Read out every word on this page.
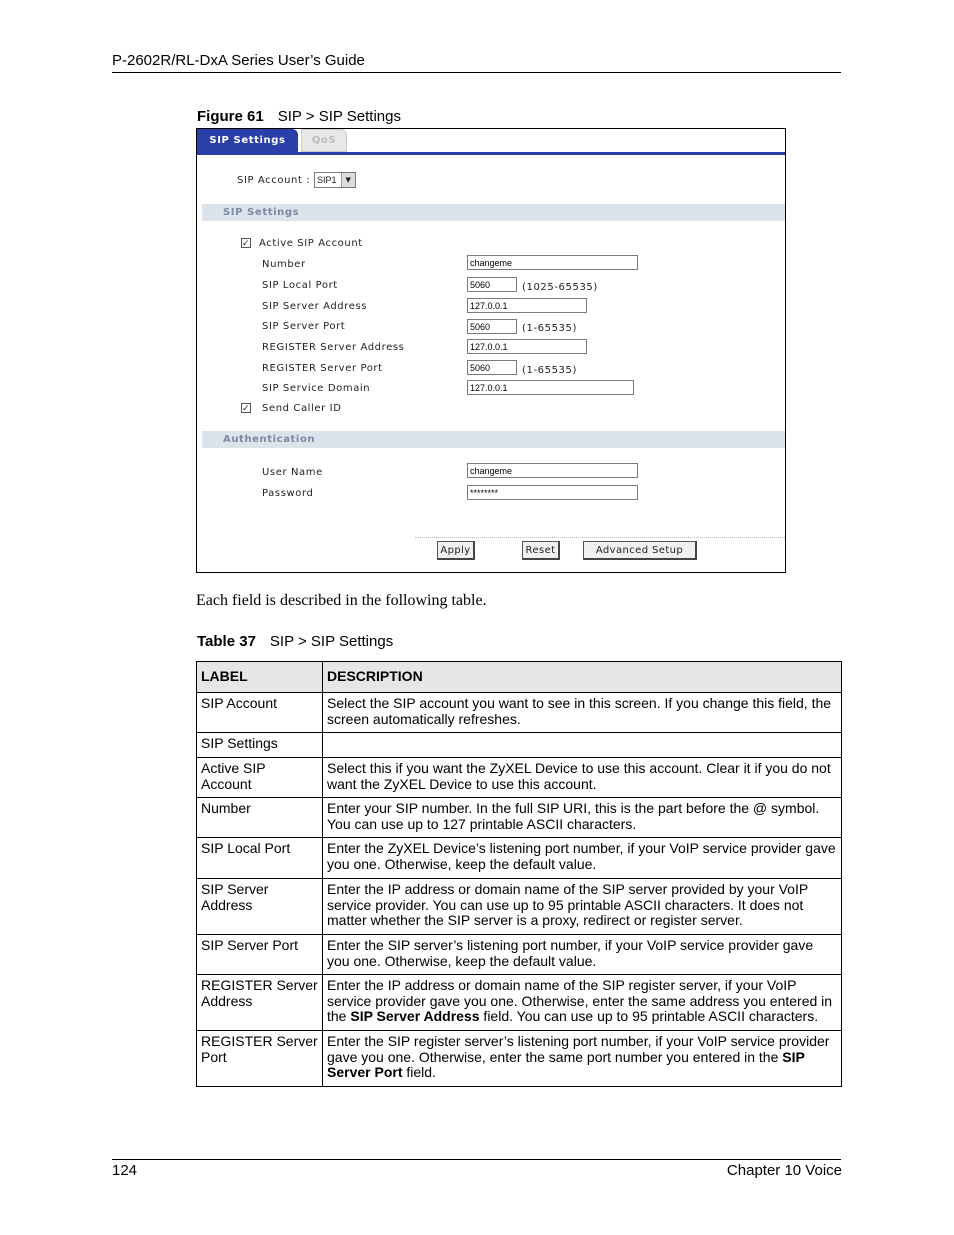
P-2602R/RL-DxA Series User’s Guide
Figure 61 SIP > SIP Settings
SIP Settings	QoS
SIP Account : SIP1	▼
SIP Settings
✓ Active SIP Account
Number	changeme
SIP Local Port	5060	(1025-65535)
SIP Server Address	127.0.0.1
SIP Server Port	5060	(1-65535)
REGISTER Server Address	127.0.0.1
REGISTER Server Port	5060	(1-65535)
SIP Service Domain	127.0.0.1
✓ Send Caller ID
Authentication
User Name	changeme
Password	********
Apply	Reset	Advanced Setup
Each field is described in the following table.
Table 37 SIP > SIP Settings
LABEL	DESCRIPTION
SIP Account	Select the SIP account you want to see in this screen. If you change this field, the screen automatically refreshes.
SIP Settings	
Active SIP Account	Select this if you want the ZyXEL Device to use this account. Clear it if you do not want the ZyXEL Device to use this account.
Number	Enter your SIP number. In the full SIP URI, this is the part before the @ symbol. You can use up to 127 printable ASCII characters.
SIP Local Port	Enter the ZyXEL Device’s listening port number, if your VoIP service provider gave you one. Otherwise, keep the default value.
SIP Server Address	Enter the IP address or domain name of the SIP server provided by your VoIP service provider. You can use up to 95 printable ASCII characters. It does not matter whether the SIP server is a proxy, redirect or register server.
SIP Server Port	Enter the SIP server’s listening port number, if your VoIP service provider gave you one. Otherwise, keep the default value.
REGISTER Server Address	Enter the IP address or domain name of the SIP register server, if your VoIP service provider gave you one. Otherwise, enter the same address you entered in the SIP Server Address field. You can use up to 95 printable ASCII characters.
REGISTER Server Port	Enter the SIP register server’s listening port number, if your VoIP service provider gave you one. Otherwise, enter the same port number you entered in the SIP Server Port field.
124	Chapter 10 Voice
